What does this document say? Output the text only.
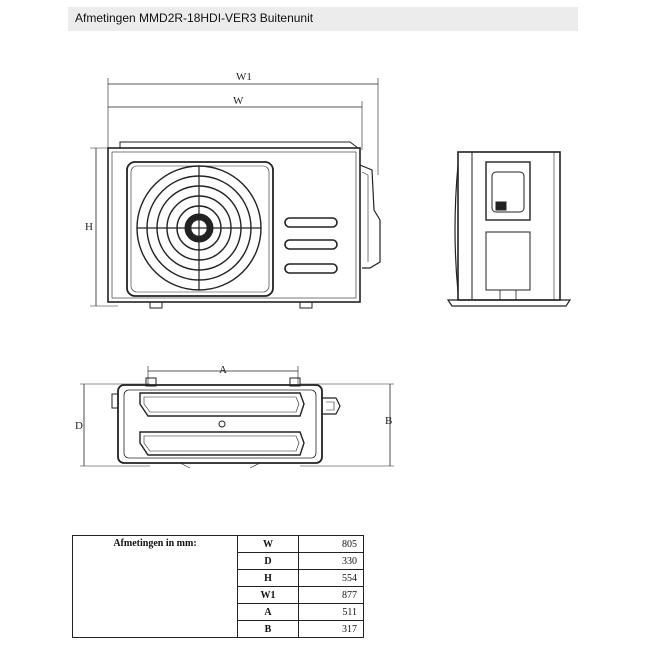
Afmetingen MMD2R-18HDI-VER3 Buitenunit
W1
W
H
A
D	B
Afmetingen in mm:	W	805
	D	330
	H	554
	W1	877
	A	511
	B	317
